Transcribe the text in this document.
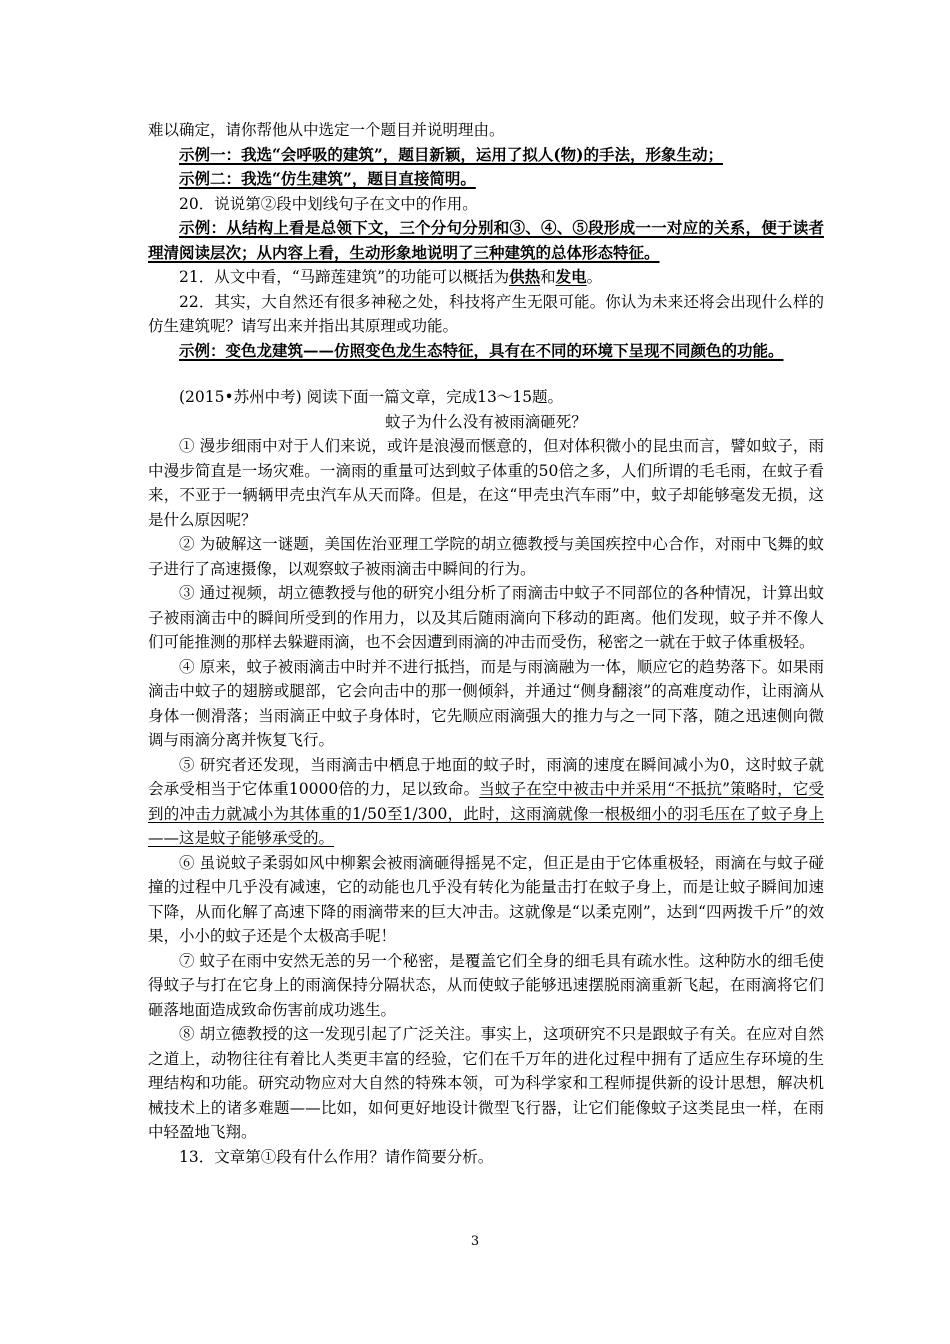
难以确定，请你帮他从中选定一个题目并说明理由。

示例一：我选“会呼吸的建筑”，题目新颖，运用了拟人(物)的手法，形象生动；

示例二：我选“仿生建筑”，题目直接简明。

20．说说第②段中划线句子在文中的作用。

示例：从结构上看是总领下文，三个分句分别和③、④、⑤段形成一一对应的关系，便于读者理清阅读层次；从内容上看，生动形象地说明了三种建筑的总体形态特征。

21．从文中看，“马蹄莲建筑”的功能可以概括为供热和发电。

22．其实，大自然还有很多神秘之处，科技将产生无限可能。你认为未来还将会出现什么样的仿生建筑呢？请写出来并指出其原理或功能。

示例：变色龙建筑——仿照变色龙生态特征，具有在不同的环境下呈现不同颜色的功能。

(2015•苏州中考) 阅读下面一篇文章，完成13～15题。

蚊子为什么没有被雨滴砸死？

① 漫步细雨中对于人们来说，或许是浪漫而惬意的，但对体积微小的昆虫而言，譬如蚊子，雨中漫步简直是一场灾难。一滴雨的重量可达到蚊子体重的50倍之多，人们所谓的毛毛雨，在蚊子看来，不亚于一辆辆甲壳虫汽车从天而降。但是，在这“甲壳虫汽车雨”中，蚊子却能够毫发无损，这是什么原因呢？

② 为破解这一谜题，美国佐治亚理工学院的胡立德教授与美国疾控中心合作，对雨中飞舞的蚊子进行了高速摄像，以观察蚊子被雨滴击中瞬间的行为。

③ 通过视频，胡立德教授与他的研究小组分析了雨滴击中蚊子不同部位的各种情况，计算出蚊子被雨滴击中的瞬间所受到的作用力，以及其后随雨滴向下移动的距离。他们发现，蚊子并不像人们可能推测的那样去躲避雨滴，也不会因遭到雨滴的冲击而受伤，秘密之一就在于蚊子体重极轻。

④ 原来，蚊子被雨滴击中时并不进行抵挡，而是与雨滴融为一体，顺应它的趋势落下。如果雨滴击中蚊子的翅膀或腿部，它会向击中的那一侧倾斜，并通过“侧身翻滚”的高难度动作，让雨滴从身体一侧滑落；当雨滴正中蚊子身体时，它先顺应雨滴强大的推力与之一同下落，随之迅速侧向微调与雨滴分离并恢复飞行。

⑤ 研究者还发现，当雨滴击中栖息于地面的蚊子时，雨滴的速度在瞬间减小为0，这时蚊子就会承受相当于它体重10000倍的力，足以致命。当蚊子在空中被击中并采用“不抵抗”策略时，它受到的冲击力就减小为其体重的1/50至1/300，此时，这雨滴就像一根极细小的羽毛压在了蚊子身上——这是蚊子能够承受的。

⑥ 虽说蚊子柔弱如风中柳絮会被雨滴砸得摇晃不定，但正是由于它体重极轻，雨滴在与蚊子碰撞的过程中几乎没有减速，它的动能也几乎没有转化为能量击打在蚊子身上，而是让蚊子瞬间加速下降，从而化解了高速下降的雨滴带来的巨大冲击。这就像是“以柔克刚”，达到“四两拨千斤”的效果，小小的蚊子还是个太极高手呢！

⑦ 蚊子在雨中安然无恙的另一个秘密，是覆盖它们全身的细毛具有疏水性。这种防水的细毛使得蚊子与打在它身上的雨滴保持分隔状态，从而使蚊子能够迅速摆脱雨滴重新飞起，在雨滴将它们砸落地面造成致命伤害前成功逃生。

⑧ 胡立德教授的这一发现引起了广泛关注。事实上，这项研究不只是跟蚊子有关。在应对自然之道上，动物往往有着比人类更丰富的经验，它们在千万年的进化过程中拥有了适应生存环境的生理结构和功能。研究动物应对大自然的特殊本领，可为科学家和工程师提供新的设计思想，解决机械技术上的诸多难题——比如，如何更好地设计微型飞行器，让它们能像蚊子这类昆虫一样，在雨中轻盈地飞翔。

13．文章第①段有什么作用？请作简要分析。

3
